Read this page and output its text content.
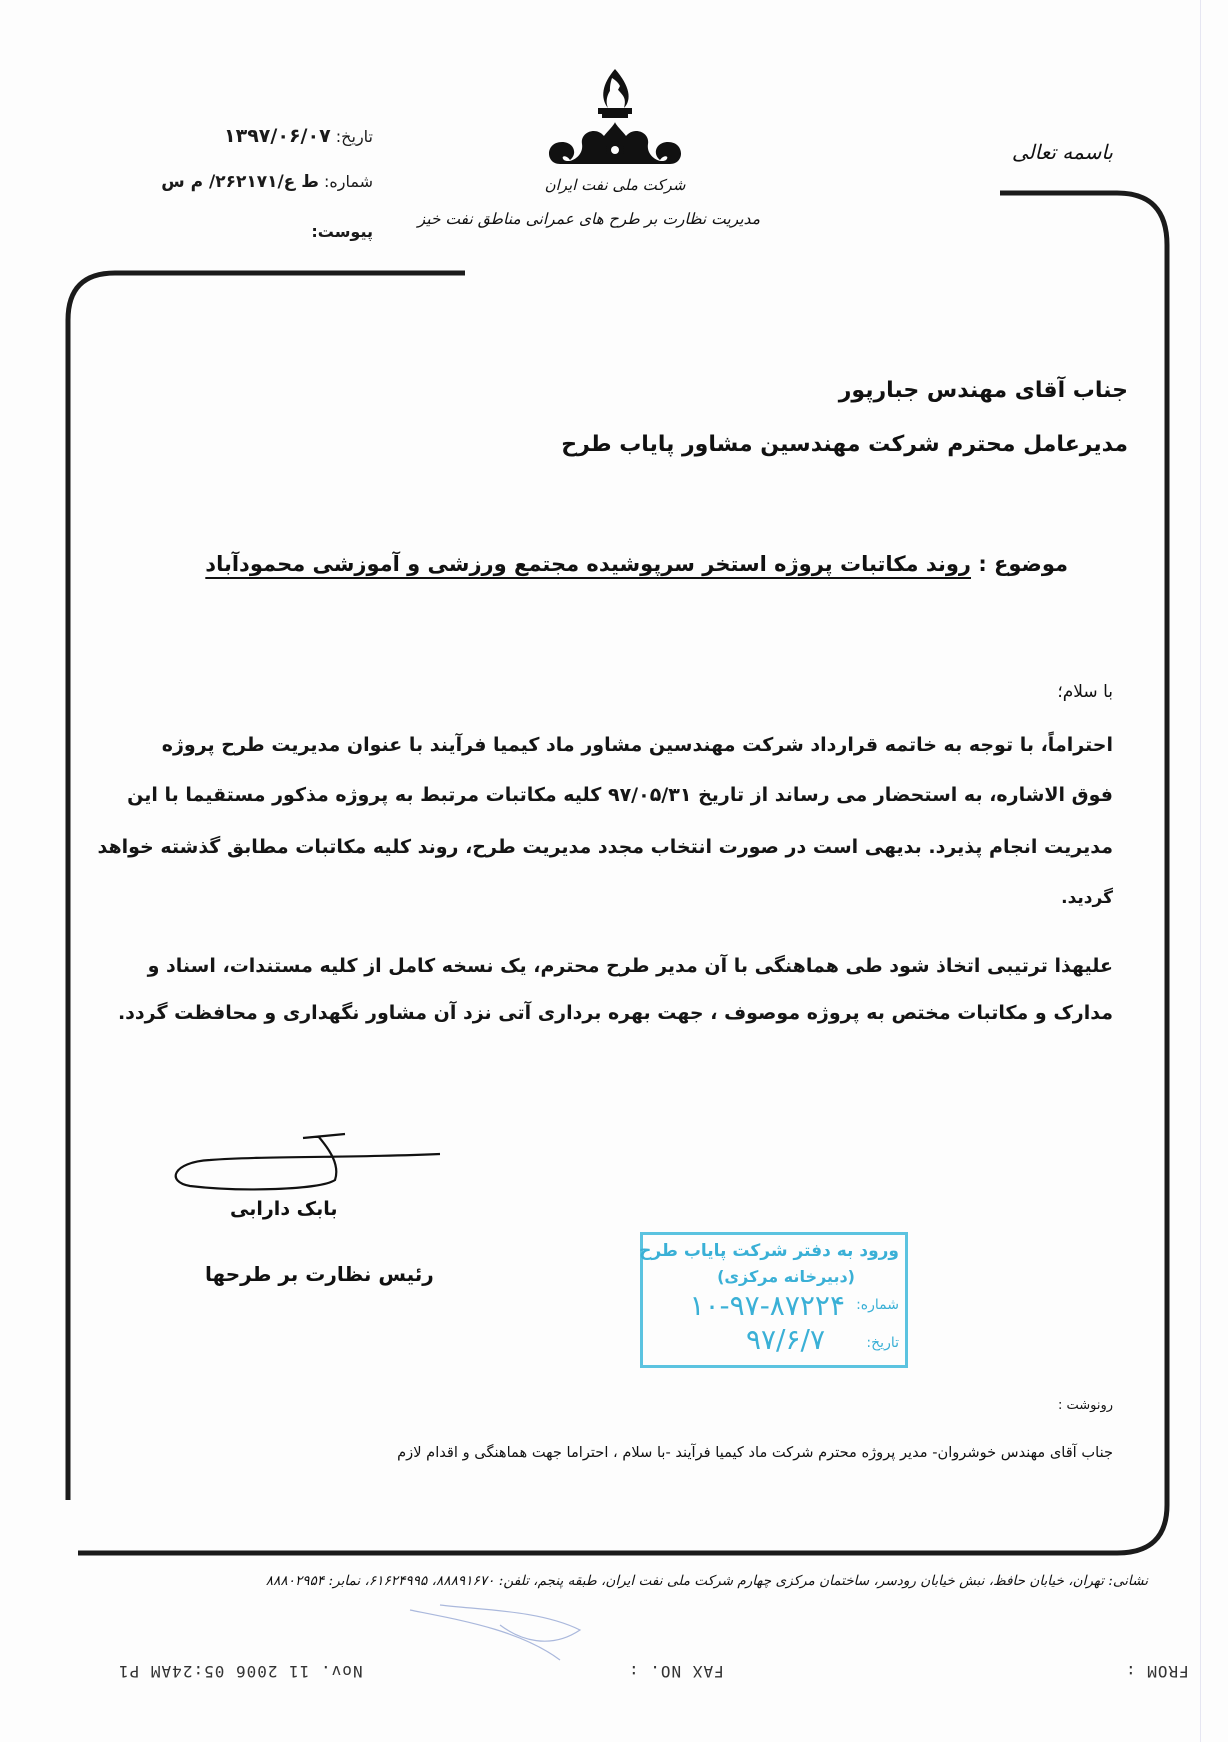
تاریخ: ۱۳۹۷/۰۶/۰۷
شماره: ط ع/۲۶۲۱۷۱/ م س
پیوست:
باسمه تعالی
شرکت ملی نفت ایران
مدیریت نظارت بر طرح های عمرانی مناطق نفت خیز
جناب آقای مهندس جبارپور
مدیرعامل محترم شرکت مهندسین مشاور پایاب طرح
موضوع : روند مکاتبات پروژه استخر سرپوشیده مجتمع ورزشی و آموزشی محمودآباد
با سلام؛
احتراماً، با توجه به خاتمه قرارداد شرکت مهندسین مشاور ماد کیمیا فرآیند با عنوان مدیریت طرح پروژه
فوق الاشاره، به استحضار می رساند از تاریخ ۹۷/۰۵/۳۱ کلیه مکاتبات مرتبط به پروژه مذکور مستقیما با این
مدیریت انجام پذیرد. بدیهی است در صورت انتخاب مجدد مدیریت طرح، روند کلیه مکاتبات مطابق گذشته خواهد
گردید.
علیهذا ترتیبی اتخاذ شود طی هماهنگی با آن مدیر طرح محترم، یک نسخه کامل از کلیه مستندات، اسناد و
مدارک و مکاتبات مختص به پروژه موصوف ، جهت بهره برداری آتی نزد آن مشاور نگهداری و محافظت گردد.
بابک دارابی
رئیس نظارت بر طرحها
ورود به دفتر شرکت پایاب طرح
(دبیرخانه مرکزی)
شماره:
۱۰-۹۷-۸۷۲۲۴
تاریخ:
۹۷/۶/۷
رونوشت :
جناب آقای مهندس خوشروان- مدیر پروژه محترم شرکت ماد کیمیا فرآیند -با سلام ، احتراما جهت هماهنگی و اقدام لازم
نشانی: تهران، خیابان حافظ، نبش خیابان رودسر، ساختمان مرکزی چهارم شرکت ملی نفت ایران، طبقه پنجم، تلفن: ۸۸۸۹۱۶۷۰، ۶۱۶۲۴۹۹۵، نمابر: ۸۸۸۰۲۹۵۴
Nov. 11 2006 05:24AM P1	FAX NO. :	FROM :
